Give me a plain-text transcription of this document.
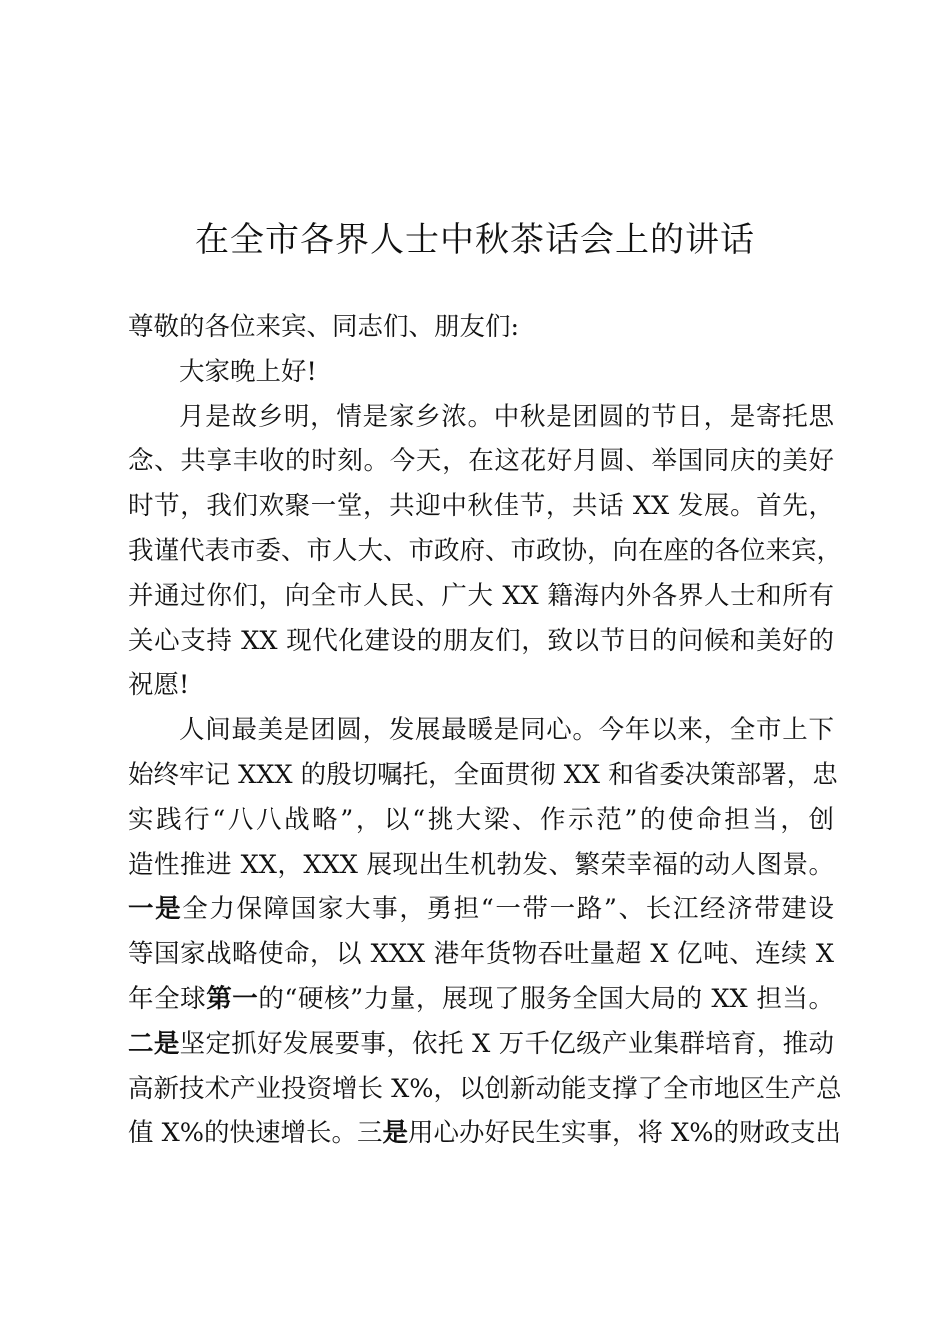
在全市各界人士中秋茶话会上的讲话
尊敬的各位来宾、同志们、朋友们:
大家晚上好!
月是故乡明，情是家乡浓。中秋是团圆的节日，是寄托思
念、共享丰收的时刻。今天，在这花好月圆、举国同庆的美好
时节，我们欢聚一堂，共迎中秋佳节，共话 XX 发展。首先，
我谨代表市委、市人大、市政府、市政协，向在座的各位来宾，
并通过你们，向全市人民、广大 XX 籍海内外各界人士和所有
关心支持 XX 现代化建设的朋友们，致以节日的问候和美好的
祝愿!
人间最美是团圆，发展最暖是同心。今年以来，全市上下
始终牢记 XXX 的殷切嘱托，全面贯彻 XX 和省委决策部署，忠
实践行“八八战略”，以“挑大梁、作示范”的使命担当，创
造性推进 XX，XXX 展现出生机勃发、繁荣幸福的动人图景。
一是全力保障国家大事，勇担“一带一路”、长江经济带建设
等国家战略使命，以 XXX 港年货物吞吐量超 X 亿吨、连续 X
年全球第一的“硬核”力量，展现了服务全国大局的 XX 担当。
二是坚定抓好发展要事，依托 X 万千亿级产业集群培育，推动
高新技术产业投资增长 X%，以创新动能支撑了全市地区生产总
值 X%的快速增长。三是用心办好民生实事，将 X%的财政支出
